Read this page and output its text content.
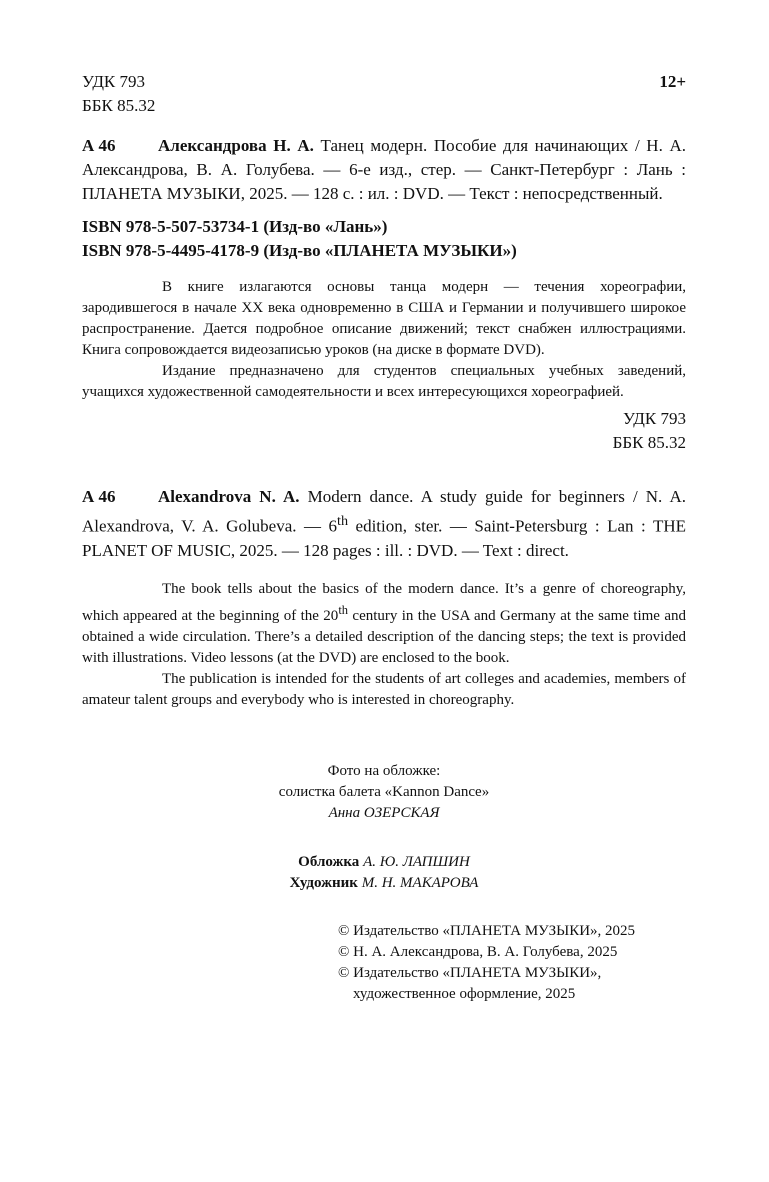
УДК 793
ББК 85.32
12+
А 46	Александрова Н. А. Танец модерн. Пособие для начинающих / Н. А. Александрова, В. А. Голубева. — 6-е изд., стер. — Санкт-Петербург : Лань : ПЛАНЕТА МУЗЫКИ, 2025. — 128 с. : ил. : DVD. — Текст : непосредственный.
ISBN 978-5-507-53734-1 (Изд-во «Лань»)
ISBN 978-5-4495-4178-9 (Изд-во «ПЛАНЕТА МУЗЫКИ»)

В книге излагаются основы танца модерн — течения хореографии, зародившегося в начале XX века одновременно в США и Германии и получившего широкое распространение. Дается подробное описание движений; текст снабжен иллюстрациями. Книга сопровождается видеозаписью уроков (на диске в формате DVD).

Издание предназначено для студентов специальных учебных заведений, учащихся художественной самодеятельности и всех интересующихся хореографией.

УДК 793
ББК 85.32
А 46	Alexandrova N. A. Modern dance. A study guide for beginners / N. A. Alexandrova, V. A. Golubeva. — 6th edition, ster. — Saint-Petersburg : Lan : THE PLANET OF MUSIC, 2025. — 128 pages : ill. : DVD. — Text : direct.

The book tells about the basics of the modern dance. It’s a genre of choreography, which appeared at the beginning of the 20th century in the USA and Germany at the same time and obtained a wide circulation. There’s a detailed description of the dancing steps; the text is provided with illustrations. Video lessons (at the DVD) are enclosed to the book.

The publication is intended for the students of art colleges and academies, members of amateur talent groups and everybody who is interested in choreography.

Фото на обложке:
солистка балета «Kannon Dance»
Анна ОЗЕРСКАЯ
Обложка А. Ю. ЛАПШИН
Художник М. Н. МАКАРОВА
© Издательство «ПЛАНЕТА МУЗЫКИ», 2025
© Н. А. Александрова, В. А. Голубева, 2025
© Издательство «ПЛАНЕТА МУЗЫКИ»,
художественное оформление, 2025
